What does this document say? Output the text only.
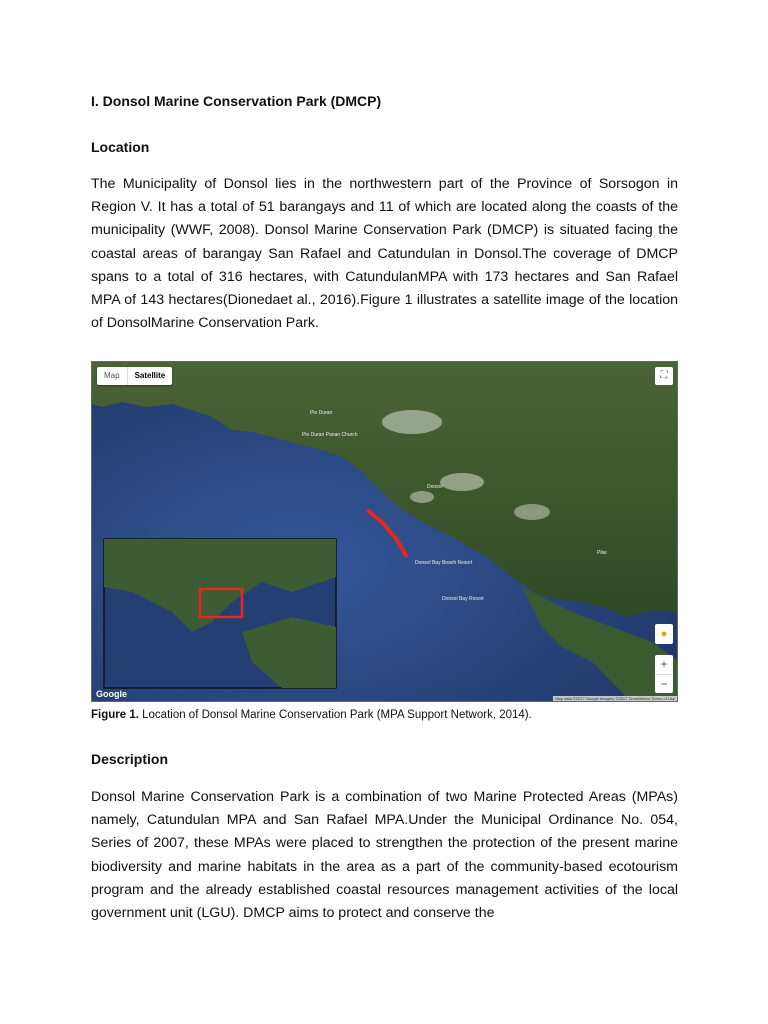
I. Donsol Marine Conservation Park (DMCP)
Location

The Municipality of Donsol lies in the northwestern part of the Province of Sorsogon in Region V. It has a total of 51 barangays and 11 of which are located along the coasts of the municipality (WWF, 2008). Donsol Marine Conservation Park (DMCP) is situated facing the coastal areas of barangay San Rafael and Catundulan in Donsol.The coverage of DMCP spans to a total of 316 hectares, with CatundulanMPA with 173 hectares and San Rafael MPA of 143 hectares(Dionedaet al., 2016).Figure 1 illustrates a satellite image of the location of DonsolMarine Conservation Park.

Map	Satellite	⛶
●
+
−
Pio Duran Panan Church
Donsol Bay Beach Resort
Donsol Bay Resort
Donsol
Pio Duran
Pilar
Google	Map data ©2017 Google Imagery ©2017 TerraMetrics Terms of Use
Figure 1. Location of Donsol Marine Conservation Park (MPA Support Network, 2014).
Description

Donsol Marine Conservation Park is a combination of two Marine Protected Areas (MPAs) namely, Catundulan MPA and San Rafael MPA.Under the Municipal Ordinance No. 054, Series of 2007, these MPAs were placed to strengthen the protection of the present marine biodiversity and marine habitats in the area as a part of the community-based ecotourism program and the already established coastal resources management activities of the local government unit (LGU). DMCP aims to protect and conserve the
